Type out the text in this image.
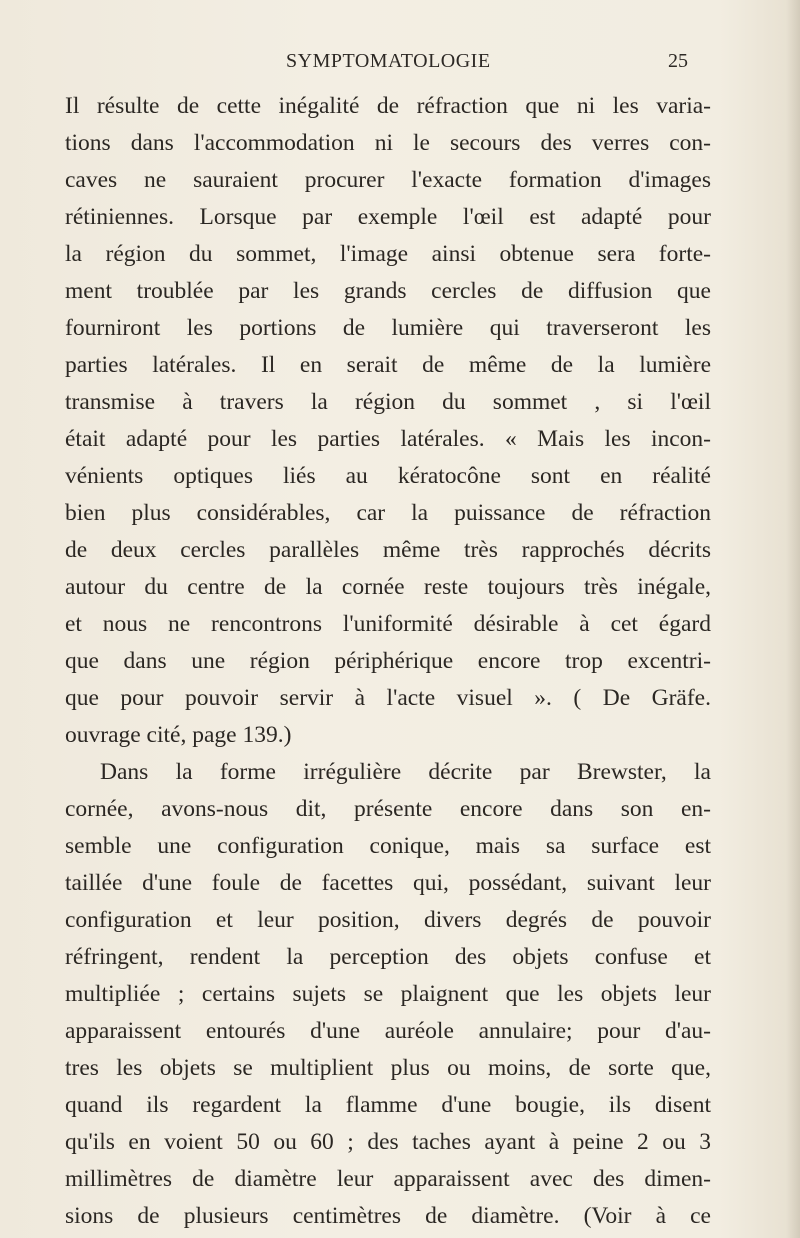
SYMPTOMATOLOGIE	25
Il résulte de cette inégalité de réfraction que ni les varia-
tions dans l'accommodation ni le secours des verres con-
caves ne sauraient procurer l'exacte formation d'images
rétiniennes. Lorsque par exemple l'œil est adapté pour
la région du sommet, l'image ainsi obtenue sera forte-
ment troublée par les grands cercles de diffusion que
fourniront les portions de lumière qui traverseront les
parties latérales. Il en serait de même de la lumière
transmise à travers la région du sommet , si l'œil
était adapté pour les parties latérales. « Mais les incon-
vénients optiques liés au kératocône sont en réalité
bien plus considérables, car la puissance de réfraction
de deux cercles parallèles même très rapprochés décrits
autour du centre de la cornée reste toujours très inégale,
et nous ne rencontrons l'uniformité désirable à cet égard
que dans une région périphérique encore trop excentri-
que pour pouvoir servir à l'acte visuel ». ( De Gräfe.
ouvrage cité, page 139.)
Dans la forme irrégulière décrite par Brewster, la
cornée, avons-nous dit, présente encore dans son en-
semble une configuration conique, mais sa surface est
taillée d'une foule de facettes qui, possédant, suivant leur
configuration et leur position, divers degrés de pouvoir
réfringent, rendent la perception des objets confuse et
multipliée ; certains sujets se plaignent que les objets leur
apparaissent entourés d'une auréole annulaire; pour d'au-
tres les objets se multiplient plus ou moins, de sorte que,
quand ils regardent la flamme d'une bougie, ils disent
qu'ils en voient 50 ou 60 ; des taches ayant à peine 2 ou 3
millimètres de diamètre leur apparaissent avec des dimen-
sions de plusieurs centimètres de diamètre. (Voir à ce
